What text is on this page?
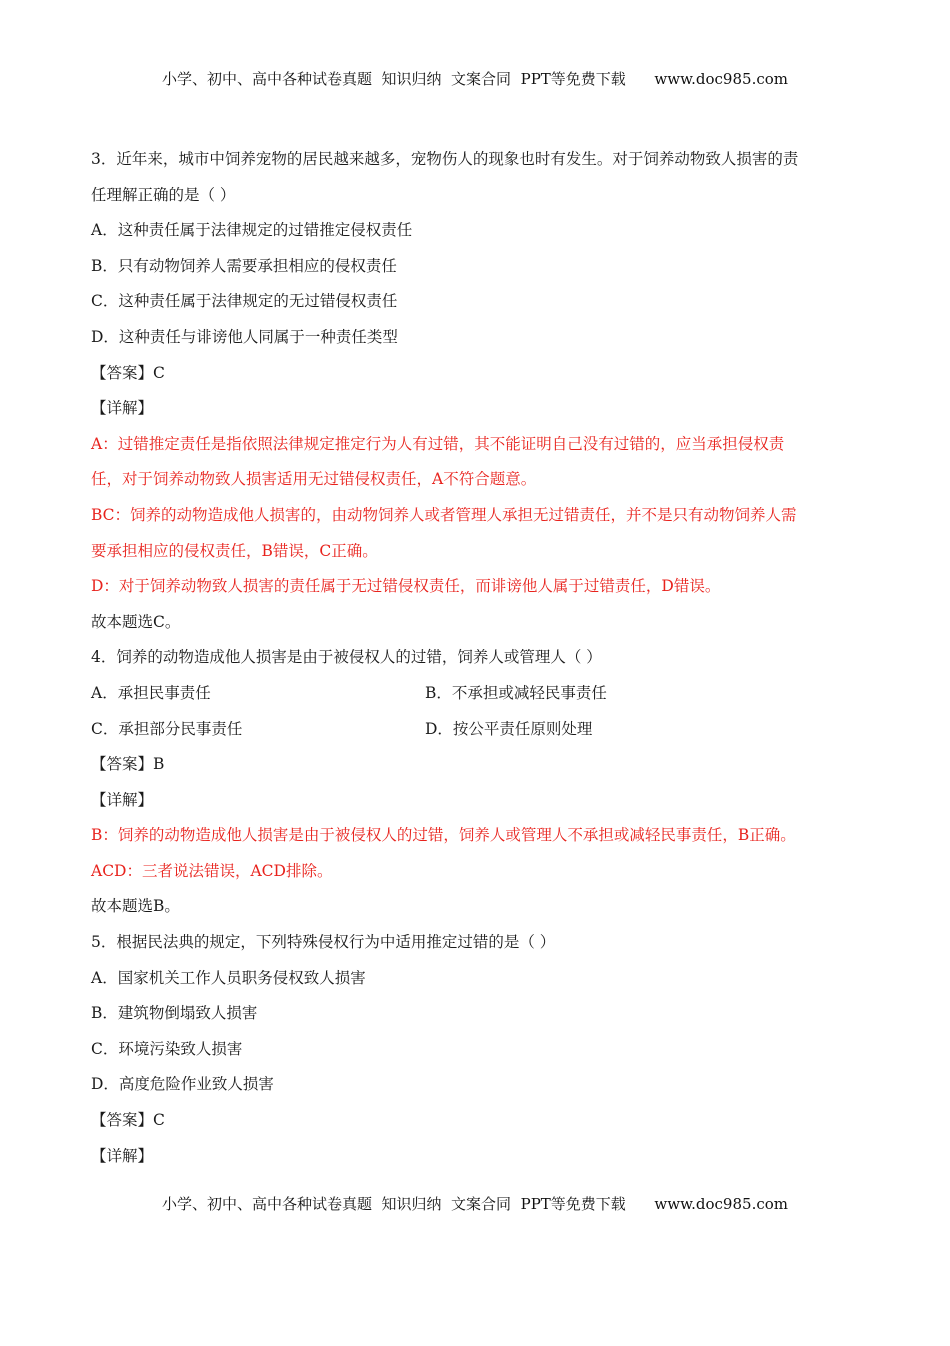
小学、初中、高中各种试卷真题  知识归纳  文案合同  PPT等免费下载      www.doc985.com
3．近年来，城市中饲养宠物的居民越来越多，宠物伤人的现象也时有发生。对于饲养动物致人损害的责
任理解正确的是（ ）
A．这种责任属于法律规定的过错推定侵权责任
B．只有动物饲养人需要承担相应的侵权责任
C．这种责任属于法律规定的无过错侵权责任
D．这种责任与诽谤他人同属于一种责任类型
【答案】C
【详解】
A：过错推定责任是指依照法律规定推定行为人有过错，其不能证明自己没有过错的，应当承担侵权责
任，对于饲养动物致人损害适用无过错侵权责任，A不符合题意。
BC：饲养的动物造成他人损害的，由动物饲养人或者管理人承担无过错责任，并不是只有动物饲养人需
要承担相应的侵权责任，B错误，C正确。
D：对于饲养动物致人损害的责任属于无过错侵权责任，而诽谤他人属于过错责任，D错误。
故本题选C。
4．饲养的动物造成他人损害是由于被侵权人的过错，饲养人或管理人（ ）
A．承担民事责任	B．不承担或减轻民事责任
C．承担部分民事责任	D．按公平责任原则处理
【答案】B
【详解】
B：饲养的动物造成他人损害是由于被侵权人的过错，饲养人或管理人不承担或减轻民事责任，B正确。
ACD：三者说法错误，ACD排除。
故本题选B。
5．根据民法典的规定，下列特殊侵权行为中适用推定过错的是（ ）
A．国家机关工作人员职务侵权致人损害
B．建筑物倒塌致人损害
C．环境污染致人损害
D．高度危险作业致人损害
【答案】C
【详解】
小学、初中、高中各种试卷真题  知识归纳  文案合同  PPT等免费下载      www.doc985.com
